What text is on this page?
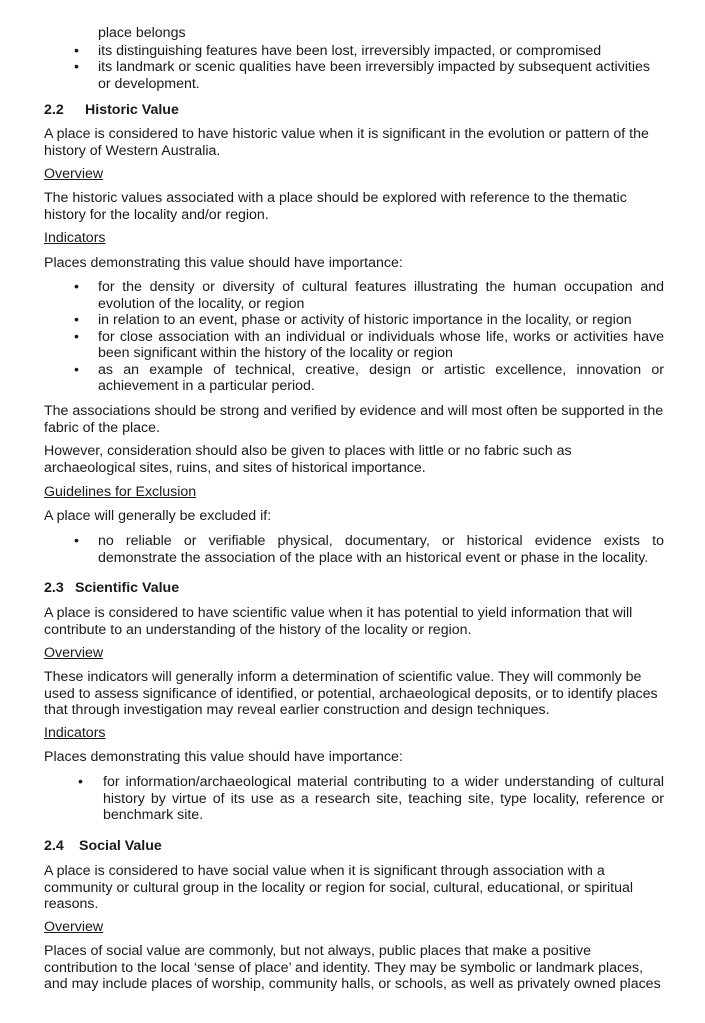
place belongs
• its distinguishing features have been lost, irreversibly impacted, or compromised
• its landmark or scenic qualities have been irreversibly impacted by subsequent activities or development.
2.2 Historic Value

A place is considered to have historic value when it is significant in the evolution or pattern of the history of Western Australia.

Overview

The historic values associated with a place should be explored with reference to the thematic history for the locality and/or region.

Indicators

Places demonstrating this value should have importance:

• for the density or diversity of cultural features illustrating the human occupation and evolution of the locality, or region
• in relation to an event, phase or activity of historic importance in the locality, or region
• for close association with an individual or individuals whose life, works or activities have been significant within the history of the locality or region
• as an example of technical, creative, design or artistic excellence, innovation or achievement in a particular period.

The associations should be strong and verified by evidence and will most often be supported in the fabric of the place.

However, consideration should also be given to places with little or no fabric such as archaeological sites, ruins, and sites of historical importance.

Guidelines for Exclusion

A place will generally be excluded if:

• no reliable or verifiable physical, documentary, or historical evidence exists to demonstrate the association of the place with an historical event or phase in the locality.
2.3 Scientific Value

A place is considered to have scientific value when it has potential to yield information that will contribute to an understanding of the history of the locality or region.

Overview

These indicators will generally inform a determination of scientific value. They will commonly be used to assess significance of identified, or potential, archaeological deposits, or to identify places that through investigation may reveal earlier construction and design techniques.

Indicators

Places demonstrating this value should have importance:

• for information/archaeological material contributing to a wider understanding of cultural history by virtue of its use as a research site, teaching site, type locality, reference or benchmark site.
2.4 Social Value

A place is considered to have social value when it is significant through association with a community or cultural group in the locality or region for social, cultural, educational, or spiritual reasons.

Overview

Places of social value are commonly, but not always, public places that make a positive contribution to the local ‘sense of place’ and identity. They may be symbolic or landmark places, and may include places of worship, community halls, or schools, as well as privately owned places
